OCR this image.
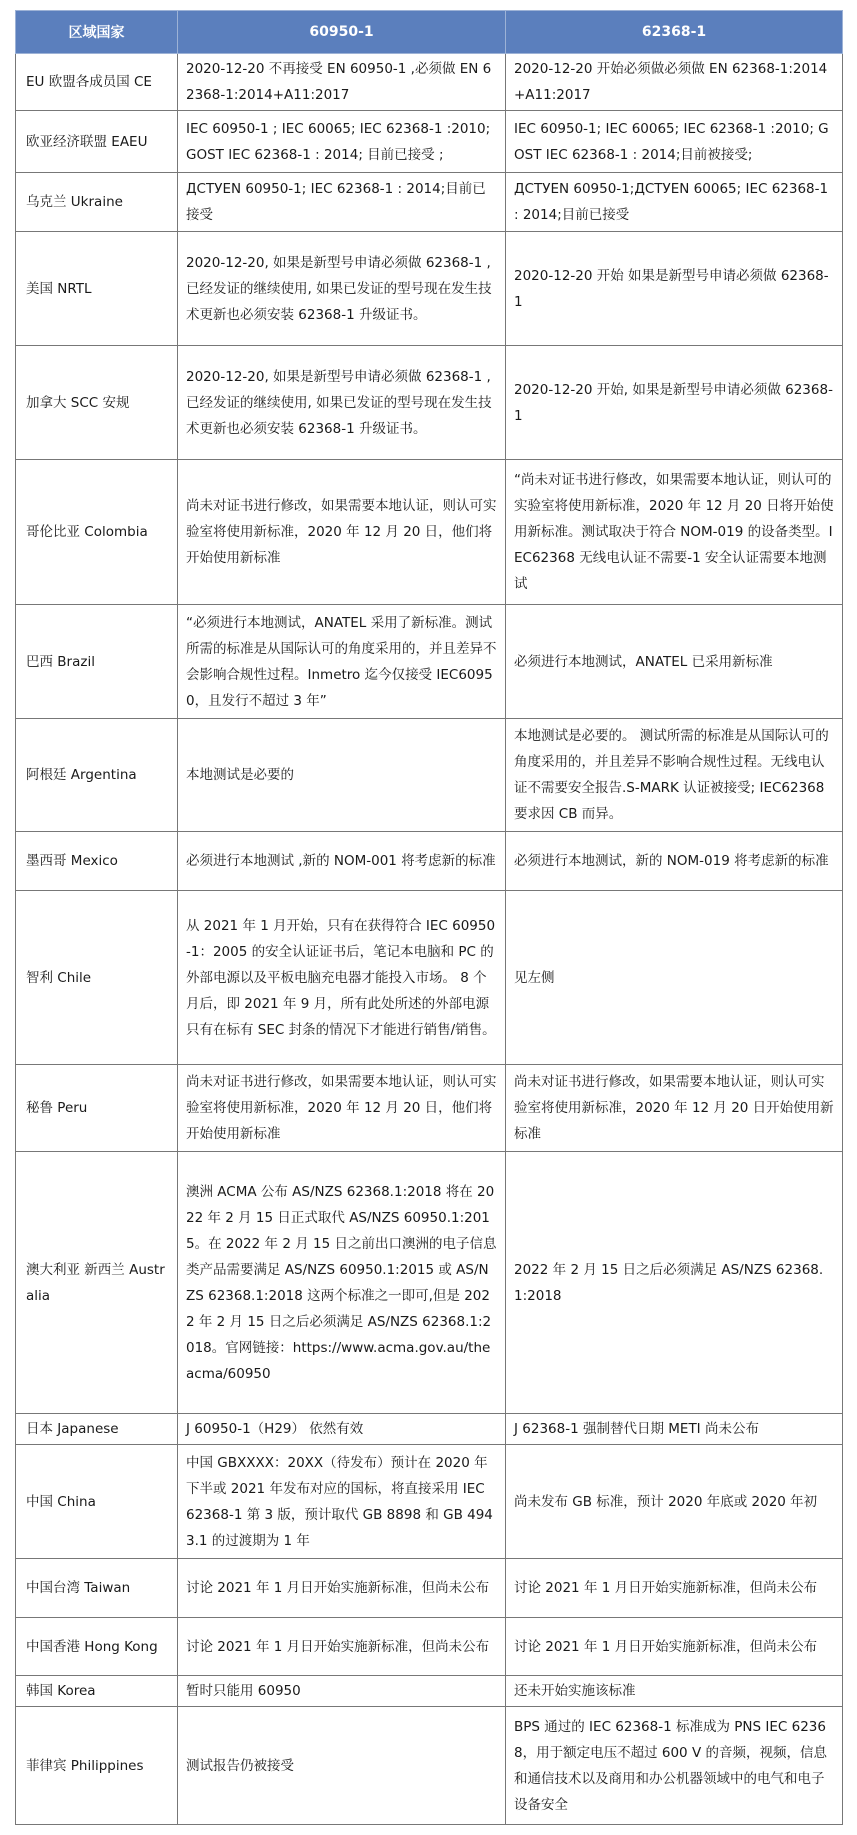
区域国家	60950-1	62368-1
EU 欧盟各成员国 CE	2020-12-20 不再接受 EN 60950-1 ,必须做 EN 62368-1:2014+A11:2017	2020-12-20 开始必须做必须做 EN 62368-1:2014+A11:2017
欧亚经济联盟 EAEU	IEC 60950-1 ; IEC 60065; IEC 62368-1 :2010; GOST IEC 62368-1 : 2014; 目前已接受 ;	IEC 60950-1; IEC 60065; IEC 62368-1 :2010; GOST IEC 62368-1 : 2014;目前被接受;
乌克兰 Ukraine	ДСТУEN 60950-1; IEC 62368-1 : 2014;目前已接受	ДСТУEN 60950-1;ДСТУEN 60065; IEC 62368-1 : 2014;目前已接受
美国 NRTL	2020-12-20, 如果是新型号申请必须做 62368-1 , 已经发证的继续使用, 如果已发证的型号现在发生技术更新也必须安装 62368-1 升级证书。	2020-12-20 开始 如果是新型号申请必须做 62368-1
加拿大 SCC 安规	2020-12-20, 如果是新型号申请必须做 62368-1 , 已经发证的继续使用, 如果已发证的型号现在发生技术更新也必须安装 62368-1 升级证书。	2020-12-20 开始, 如果是新型号申请必须做 62368-1
哥伦比亚 Colombia	尚未对证书进行修改，如果需要本地认证，则认可实验室将使用新标准，2020 年 12 月 20 日，他们将开始使用新标准	“尚未对证书进行修改，如果需要本地认证，则认可的实验室将使用新标准，2020 年 12 月 20 日将开始使用新标准。测试取决于符合 NOM-019 的设备类型。IEC62368 无线电认证不需要-1 安全认证需要本地测试
巴西 Brazil	“必须进行本地测试，ANATEL 采用了新标准。测试所需的标准是从国际认可的角度采用的，并且差异不会影响合规性过程。Inmetro 迄今仅接受 IEC60950，且发行不超过 3 年”	必须进行本地测试，ANATEL 已采用新标准
阿根廷 Argentina	本地测试是必要的	本地测试是必要的。 测试所需的标准是从国际认可的角度采用的，并且差异不影响合规性过程。无线电认证不需要安全报告.S-MARK 认证被接受; IEC62368 要求因 CB 而异。
墨西哥 Mexico	必须进行本地测试 ,新的 NOM-001 将考虑新的标准	必须进行本地测试，新的 NOM-019 将考虑新的标准
智利 Chile	从 2021 年 1 月开始，只有在获得符合 IEC 60950-1：2005 的安全认证证书后，笔记本电脑和 PC 的外部电源以及平板电脑充电器才能投入市场。 8 个月后，即 2021 年 9 月，所有此处所述的外部电源只有在标有 SEC 封条的情况下才能进行销售/销售。	见左侧
秘鲁 Peru	尚未对证书进行修改，如果需要本地认证，则认可实验室将使用新标准，2020 年 12 月 20 日，他们将开始使用新标准	尚未对证书进行修改，如果需要本地认证，则认可实验室将使用新标准，2020 年 12 月 20 日开始使用新标准
澳大利亚 新西兰 Australia	澳洲 ACMA 公布 AS/NZS 62368.1:2018 将在 2022 年 2 月 15 日正式取代 AS/NZS 60950.1:2015。在 2022 年 2 月 15 日之前出口澳洲的电子信息类产品需要满足 AS/NZS 60950.1:2015 或 AS/NZS 62368.1:2018 这两个标准之一即可,但是 2022 年 2 月 15 日之后必须满足 AS/NZS 62368.1:2018。官网链接：https://www.acma.gov.au/theacma/60950	2022 年 2 月 15 日之后必须满足 AS/NZS 62368.1:2018
日本 Japanese	J 60950-1（H29） 依然有效	J 62368-1 强制替代日期 METI 尚未公布
中国 China	中国 GBXXXX：20XX（待发布）预计在 2020 年下半或 2021 年发布对应的国标，将直接采用 IEC 62368-1 第 3 版，预计取代 GB 8898 和 GB 4943.1 的过渡期为 1 年	尚未发布 GB 标准，预计 2020 年底或 2020 年初
中国台湾 Taiwan	讨论 2021 年 1 月日开始实施新标准，但尚未公布	讨论 2021 年 1 月日开始实施新标准，但尚未公布
中国香港 Hong Kong	讨论 2021 年 1 月日开始实施新标准，但尚未公布	讨论 2021 年 1 月日开始实施新标准，但尚未公布
韩国 Korea	暂时只能用 60950	还未开始实施该标准
菲律宾 Philippines	测试报告仍被接受	BPS 通过的 IEC 62368-1 标准成为 PNS IEC 62368，用于额定电压不超过 600 V 的音频，视频，信息和通信技术以及商用和办公机器领域中的电气和电子设备安全
